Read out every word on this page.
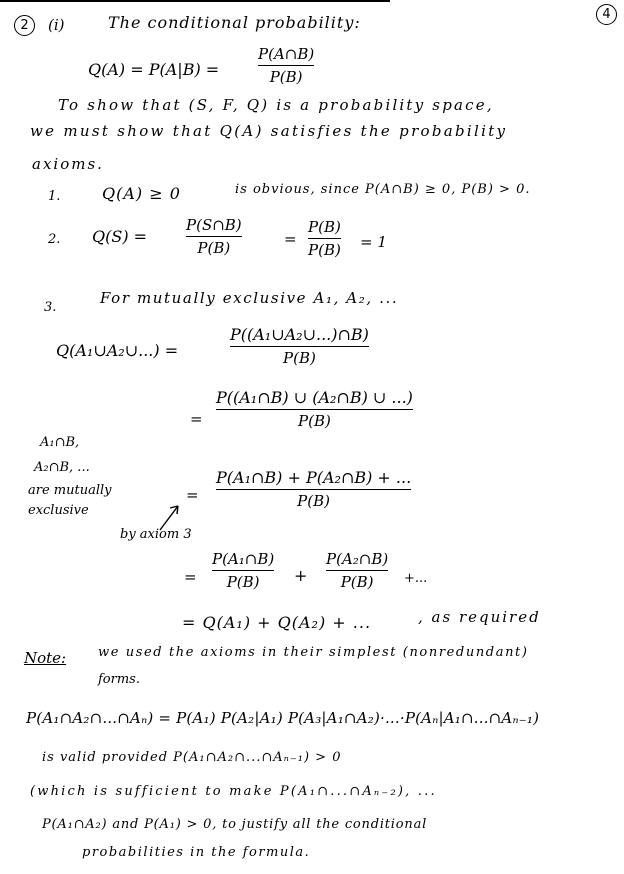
2	(i)	The conditional probability:	4
Q(A) = P(A|B) =
P(A∩B)
P(B)
To show that (S, F, Q) is a probability space,
we must show that Q(A) satisfies the probability
axioms.
1.	Q(A) ≥ 0	is obvious, since P(A∩B) ≥ 0, P(B) > 0.
2. Q(S) =
P(S∩B)
P(B)	=
P(B)
P(B) = 1
3.
For mutually exclusive A₁, A₂, ...
Q(A₁∪A₂∪...) =
P((A₁∪A₂∪...)∩B)
P(B)
=
P((A₁∩B) ∪ (A₂∩B) ∪ ...)
P(B)
A₁∩B,
A₂∩B, ...
are mutually
exclusive
=
P(A₁∩B) + P(A₂∩B) + ...
P(B)
by axiom 3
=
P(A₁∩B)
P(B) +
P(A₂∩B)
P(B) +...
= Q(A₁) + Q(A₂) + ...	, as required
Note: we used the axioms in their simplest (nonredundant)
forms.
P(A₁∩A₂∩...∩Aₙ) = P(A₁) P(A₂|A₁) P(A₃|A₁∩A₂)·...·P(Aₙ|A₁∩...∩Aₙ₋₁)
is valid provided P(A₁∩A₂∩...∩Aₙ₋₁) > 0
(which is sufficient to make P(A₁∩...∩Aₙ₋₂), ...
P(A₁∩A₂) and P(A₁) > 0, to justify all the conditional
probabilities in the formula.
